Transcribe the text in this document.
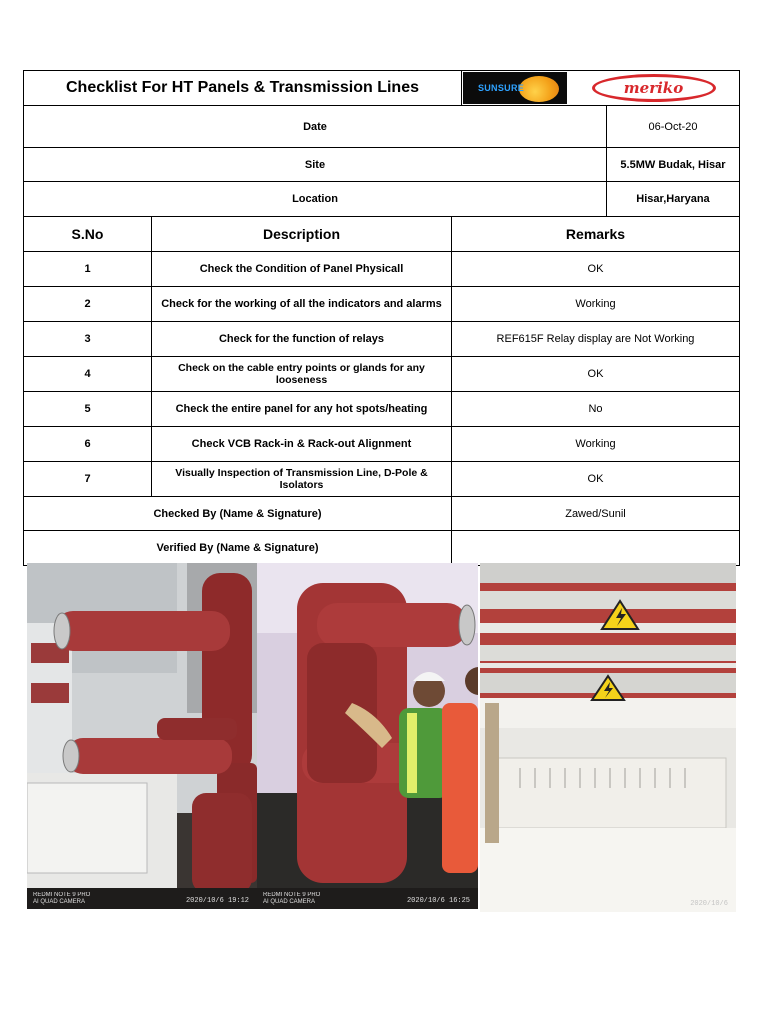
Checklist For HT Panels & Transmission Lines	SUNSURE	meriko
Date	06-Oct-20
Site	5.5MW Budak, Hisar
Location	Hisar,Haryana
S.No	Description	Remarks
1	Check the Condition of Panel Physicall	OK
2	Check for the working of all the indicators and alarms	Working
3	Check for the function of relays	REF615F Relay display are Not Working
4	Check on the cable entry points or glands for any looseness	OK
5	Check the entire panel for any hot spots/heating	No
6	Check VCB Rack-in & Rack-out Alignment	Working
7	Visually Inspection of Transmission Line, D-Pole & Isolators	OK
Checked By (Name & Signature)	Zawed/Sunil
Verified By (Name & Signature)
REDMI NOTE 9 PRO
AI QUAD CAMERA	2020/10/6 19:12
REDMI NOTE 9 PRO
AI QUAD CAMERA	2020/10/6 16:25	2020/10/6
